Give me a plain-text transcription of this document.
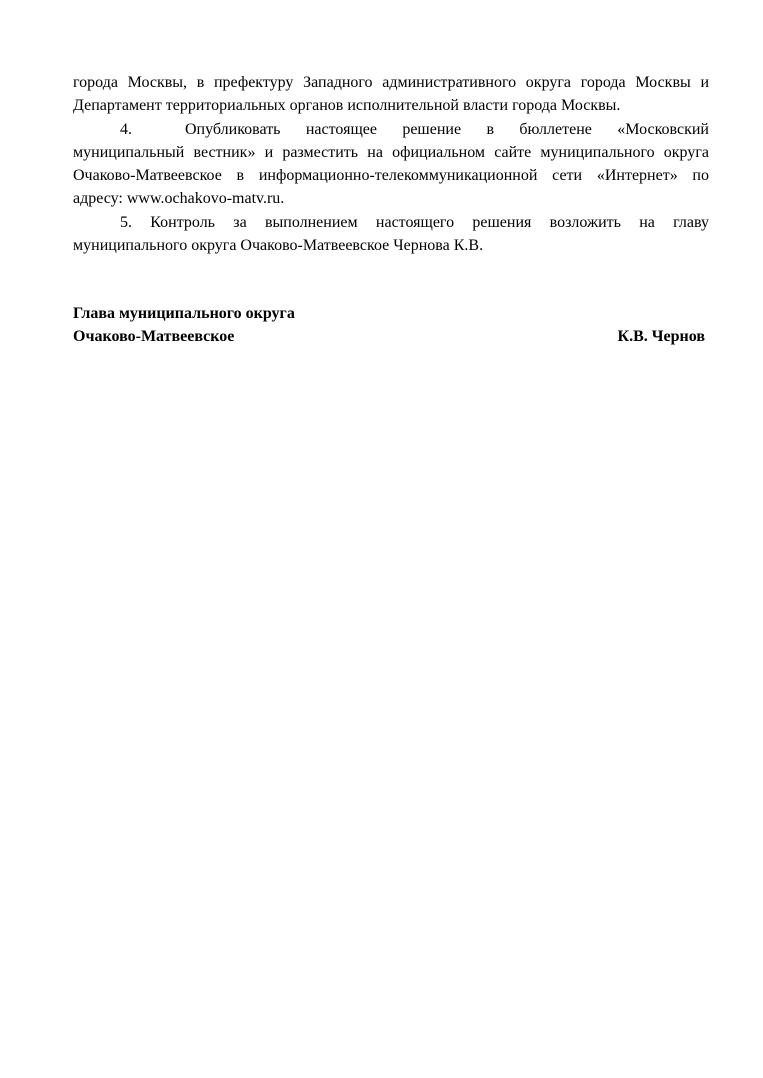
города Москвы, в префектуру Западного административного округа города Москвы и Департамент территориальных органов исполнительной власти города Москвы.

4.	Опубликовать настоящее решение в бюллетене «Московский муниципальный вестник» и разместить на официальном сайте муниципального округа Очаково-Матвеевское в информационно-телекоммуникационной сети «Интернет» по адресу: www.ochakovo-matv.ru.

5. Контроль за выполнением настоящего решения возложить на главу муниципального округа Очаково-Матвеевское Чернова К.В.

Глава муниципального округа
Очаково-Матвеевское	К.В. Чернов
